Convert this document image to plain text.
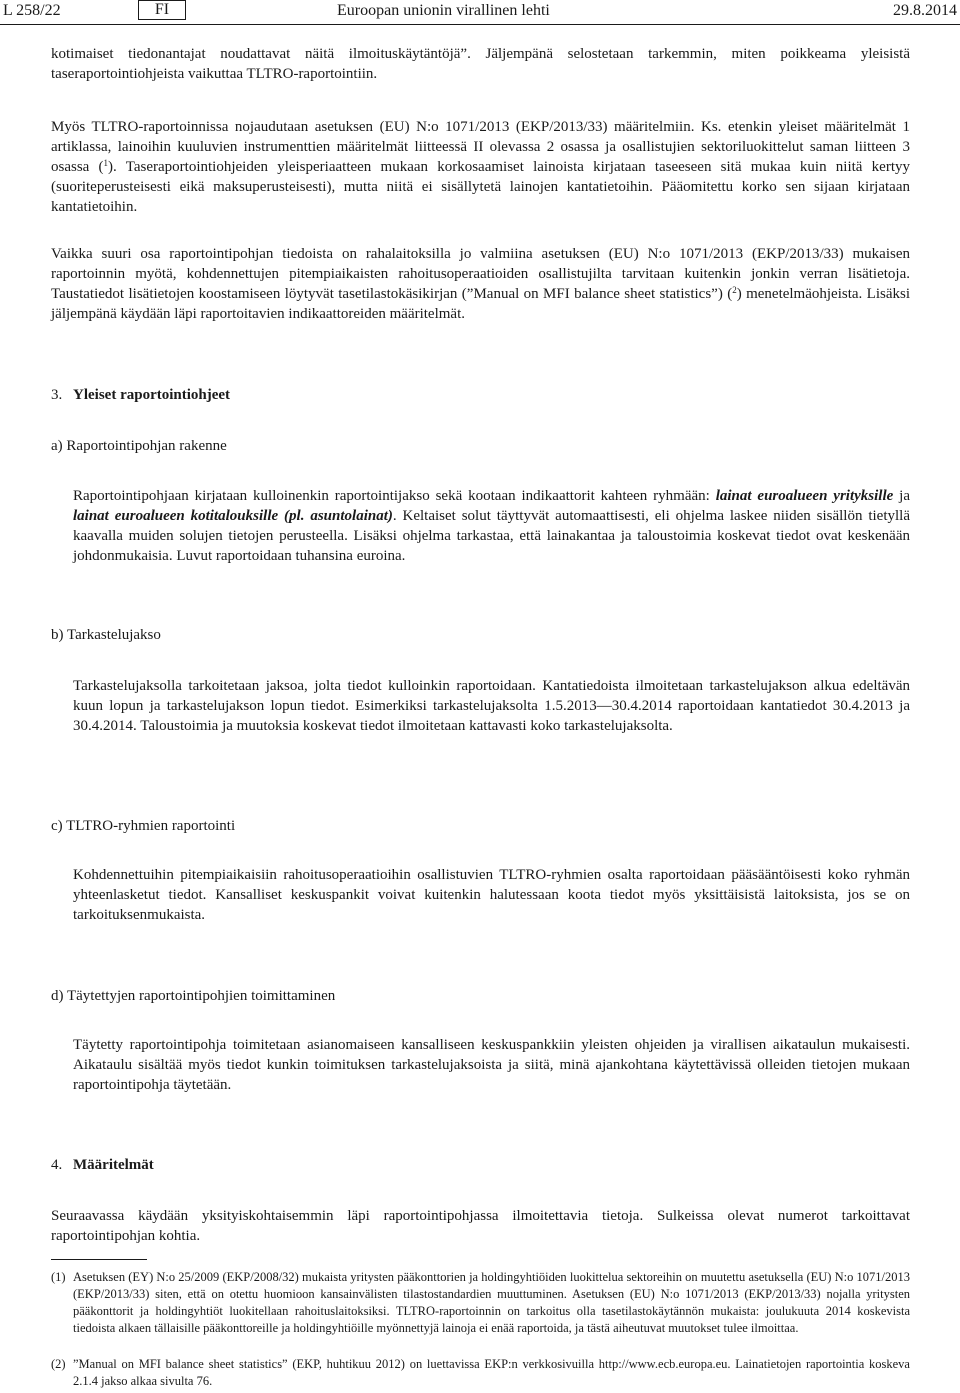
L 258/22	FI	Euroopan unionin virallinen lehti	29.8.2014

kotimaiset tiedonantajat noudattavat näitä ilmoituskäytäntöjä”. Jäljempänä selostetaan tarkemmin, miten poikkeama yleisistä taseraportointiohjeista vaikuttaa TLTRO-raportointiin.

Myös TLTRO-raportoinnissa nojaudutaan asetuksen (EU) N:o 1071/2013 (EKP/2013/33) määritelmiin. Ks. etenkin yleiset määritelmät 1 artiklassa, lainoihin kuuluvien instrumenttien määritelmät liitteessä II olevassa 2 osassa ja osallistujien sektoriluokittelut saman liitteen 3 osassa ($^1$). Taseraportointiohjeiden yleisperiaatteen mukaan korkosaamiset lainoista kirjataan taseeseen sitä mukaa kuin niitä kertyy (suoriteperusteisesti eikä maksuperusteisesti), mutta niitä ei sisällytetä lainojen kantatietoihin. Pääomitettu korko sen sijaan kirjataan kantatietoihin.

Vaikka suuri osa raportointipohjan tiedoista on rahalaitoksilla jo valmiina asetuksen (EU) N:o 1071/2013 (EKP/2013/33) mukaisen raportoinnin myötä, kohdennettujen pitempiaikaisten rahoitusoperaatioiden osallistujilta tarvitaan kuitenkin jonkin verran lisätietoja. Taustatiedot lisätietojen koostamiseen löytyvät tasetilastokäsikirjan (”Manual on MFI balance sheet statistics”) ($^2$) menetelmäohjeista. Lisäksi jäljempänä käydään läpi raportoitavien indikaattoreiden määritelmät.

3. Yleiset raportointiohjeet

a) Raportointipohjan rakenne

Raportointipohjaan kirjataan kulloinenkin raportointijakso sekä kootaan indikaattorit kahteen ryhmään: lainat euroalueen yrityksille ja lainat euroalueen kotitalouksille (pl. asuntolainat). Keltaiset solut täyttyvät automaattisesti, eli ohjelma laskee niiden sisällön tietyllä kaavalla muiden solujen tietojen perusteella. Lisäksi ohjelma tarkastaa, että lainakantaa ja taloustoimia koskevat tiedot ovat keskenään johdonmukaisia. Luvut raportoidaan tuhansina euroina.

b) Tarkastelujakso

Tarkastelujaksolla tarkoitetaan jaksoa, jolta tiedot kulloinkin raportoidaan. Kantatiedoista ilmoitetaan tarkastelujakson alkua edeltävän kuun lopun ja tarkastelujakson lopun tiedot. Esimerkiksi tarkastelujaksolta 1.5.2013—30.4.2014 raportoidaan kantatiedot 30.4.2013 ja 30.4.2014. Taloustoimia ja muutoksia koskevat tiedot ilmoitetaan kattavasti koko tarkastelujaksolta.

c) TLTRO-ryhmien raportointi

Kohdennettuihin pitempiaikaisiin rahoitusoperaatioihin osallistuvien TLTRO-ryhmien osalta raportoidaan pääsääntöisesti koko ryhmän yhteenlasketut tiedot. Kansalliset keskuspankit voivat kuitenkin halutessaan koota tiedot myös yksittäisistä laitoksista, jos se on tarkoituksenmukaista.

d) Täytettyjen raportointipohjien toimittaminen

Täytetty raportointipohja toimitetaan asianomaiseen kansalliseen keskuspankkiin yleisten ohjeiden ja virallisen aikataulun mukaisesti. Aikataulu sisältää myös tiedot kunkin toimituksen tarkastelujaksoista ja siitä, minä ajankohtana käytettävissä olleiden tietojen mukaan raportointipohja täytetään.

4. Määritelmät

Seuraavassa käydään yksityiskohtaisemmin läpi raportointipohjassa ilmoitettavia tietoja. Sulkeissa olevat numerot tarkoittavat raportointipohjan kohtia.

(1) Asetuksen (EY) N:o 25/2009 (EKP/2008/32) mukaista yritysten pääkonttorien ja holdingyhtiöiden luokittelua sektoreihin on muutettu asetuksella (EU) N:o 1071/2013 (EKP/2013/33) siten, että on otettu huomioon kansainvälisten tilastostandardien muuttuminen. Asetuksen (EU) N:o 1071/2013 (EKP/2013/33) nojalla yritysten pääkonttorit ja holdingyhtiöt luokitellaan rahoituslaitoksiksi. TLTRO-raportoinnin on tarkoitus olla tasetilastokäytännön mukaista: joulukuuta 2014 koskevista tiedoista alkaen tällaisille pääkonttoreille ja holdingyhtiöille myönnettyjä lainoja ei enää raportoida, ja tästä aiheutuvat muutokset tulee ilmoittaa.
(2) ”Manual on MFI balance sheet statistics” (EKP, huhtikuu 2012) on luettavissa EKP:n verkkosivuilla http://www.ecb.europa.eu. Lainatietojen raportointia koskeva 2.1.4 jakso alkaa sivulta 76.
